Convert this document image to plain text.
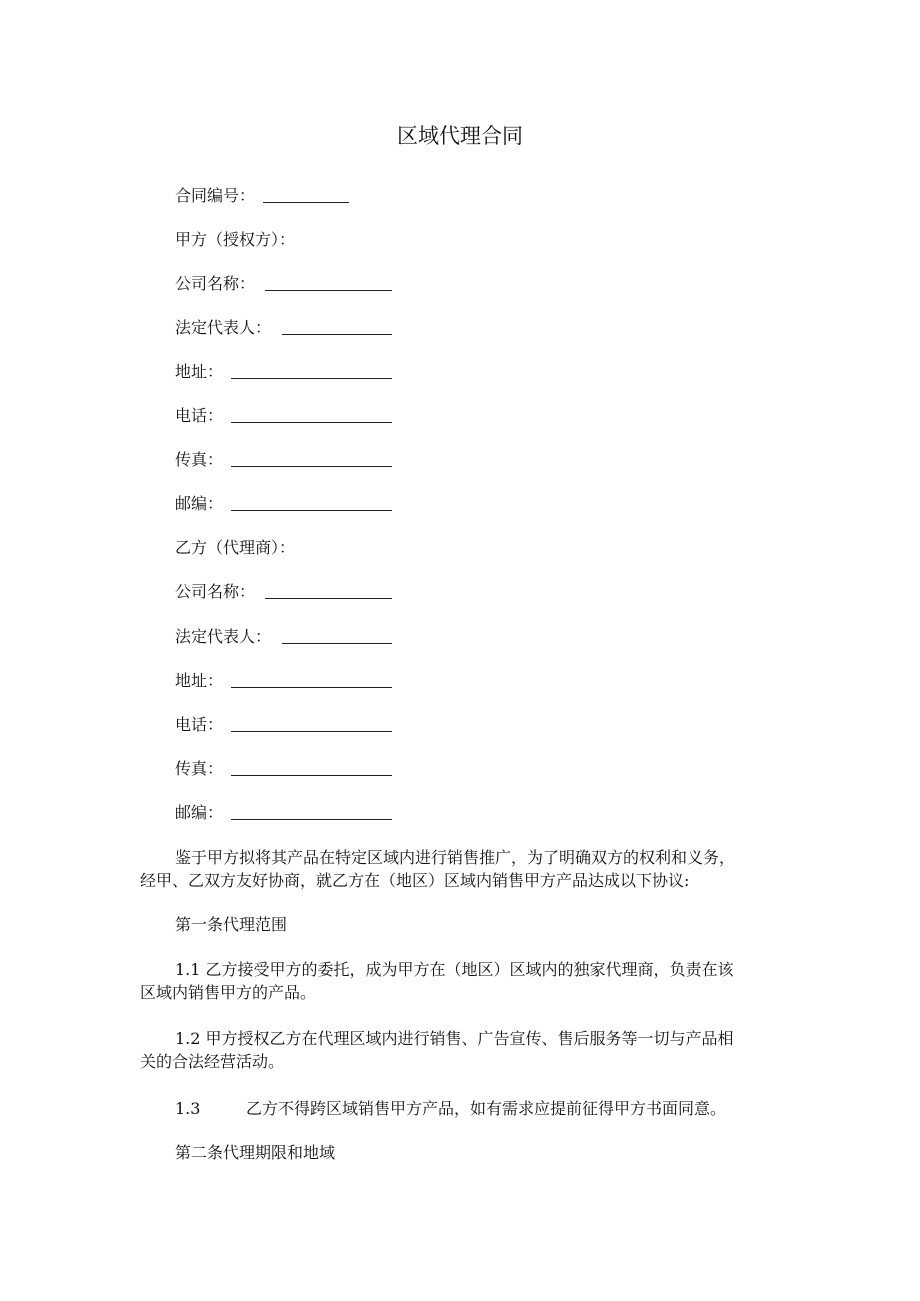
区域代理合同
合同编号：
甲方（授权方）：
公司名称：
法定代表人：
地址：
电话：
传真：
邮编：
乙方（代理商）：
公司名称：
法定代表人：
地址：
电话：
传真：
邮编：
鉴于甲方拟将其产品在特定区域内进行销售推广，为了明确双方的权利和义务，
经甲、乙双方友好协商，就乙方在（地区）区域内销售甲方产品达成以下协议:
第一条代理范围
1.1 乙方接受甲方的委托，成为甲方在（地区）区域内的独家代理商，负责在该
区域内销售甲方的产品。
1.2 甲方授权乙方在代理区域内进行销售、广告宣传、售后服务等一切与产品相
关的合法经营活动。
1.3	乙方不得跨区域销售甲方产品，如有需求应提前征得甲方书面同意。
第二条代理期限和地域
